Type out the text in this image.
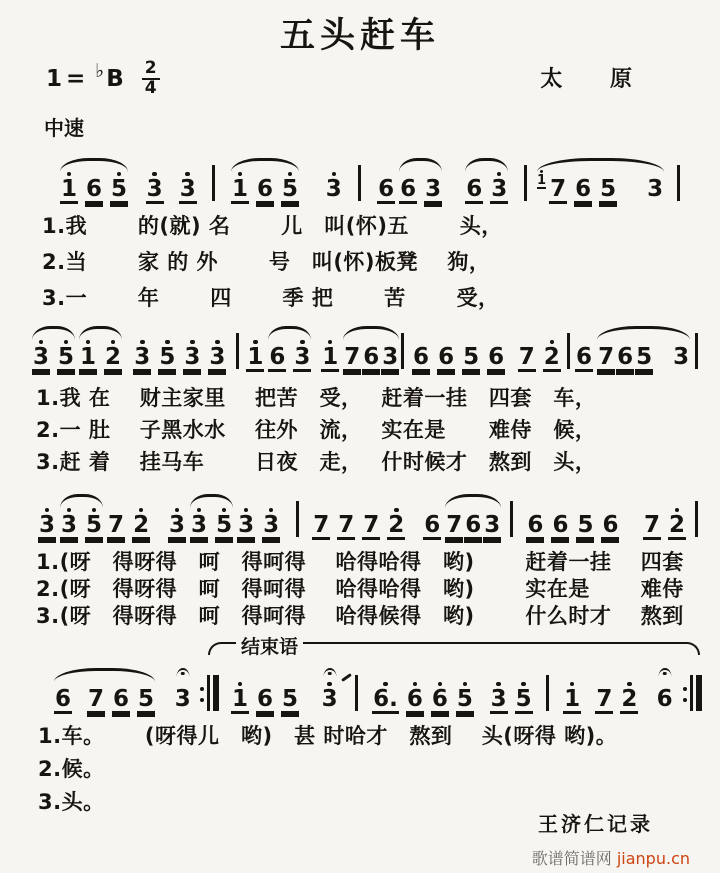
五头赶车
1 = ♭ B $\frac{2}{4}$	太 原
中速
1 6 5 3 3 1 6 5 3 6 6 3 6 3 1 7 6 5 3
3 5 1 2 3 5 3 3 1 6 3 1 7 6 3 6 6 5 6 7 2 6 7 6 5 3
3 3 5 7 2 3 3 5 3 3 7 7 7 2 6 7 6 3 6 6 5 6 7 2
6 7 6 5 3 1 6 5 3 6. 6 6 5 3 5 1 7 2 6
结束语
1.我　　 的(就) 名　　 儿　叫(怀)五　　 头，
2.当　　 家 的 外　　 号　叫(怀)板凳　 狗，
3.一　　 年　　 四　　 季 把　　 苦　　 受，
1.我 在　 财主家里　 把苦　受，　 赶着一挂　四套　车，
2.一 肚　 子黑水水　 往外　流，　 实在是　　难侍　候，
3.赶 着　 挂马车　　 日夜　走，　 什时候才　熬到　头，
1.(呀　得呀得　呵　得呵得　 哈得哈得　哟)　　 赶着一挂　 四套
2.(呀　得呀得　呵　得呵得　 哈得哈得　哟)　　 实在是　　 难侍
3.(呀　得呀得　呵　得呵得　 哈得候得　哟)　　 什么时才　 熬到
1.车。　　 (呀得儿　哟)　甚 时哈才　熬到　 头(呀得 哟)。
2.候。
3.头。
王济仁记录
歌谱简谱网 jianpu.cn
